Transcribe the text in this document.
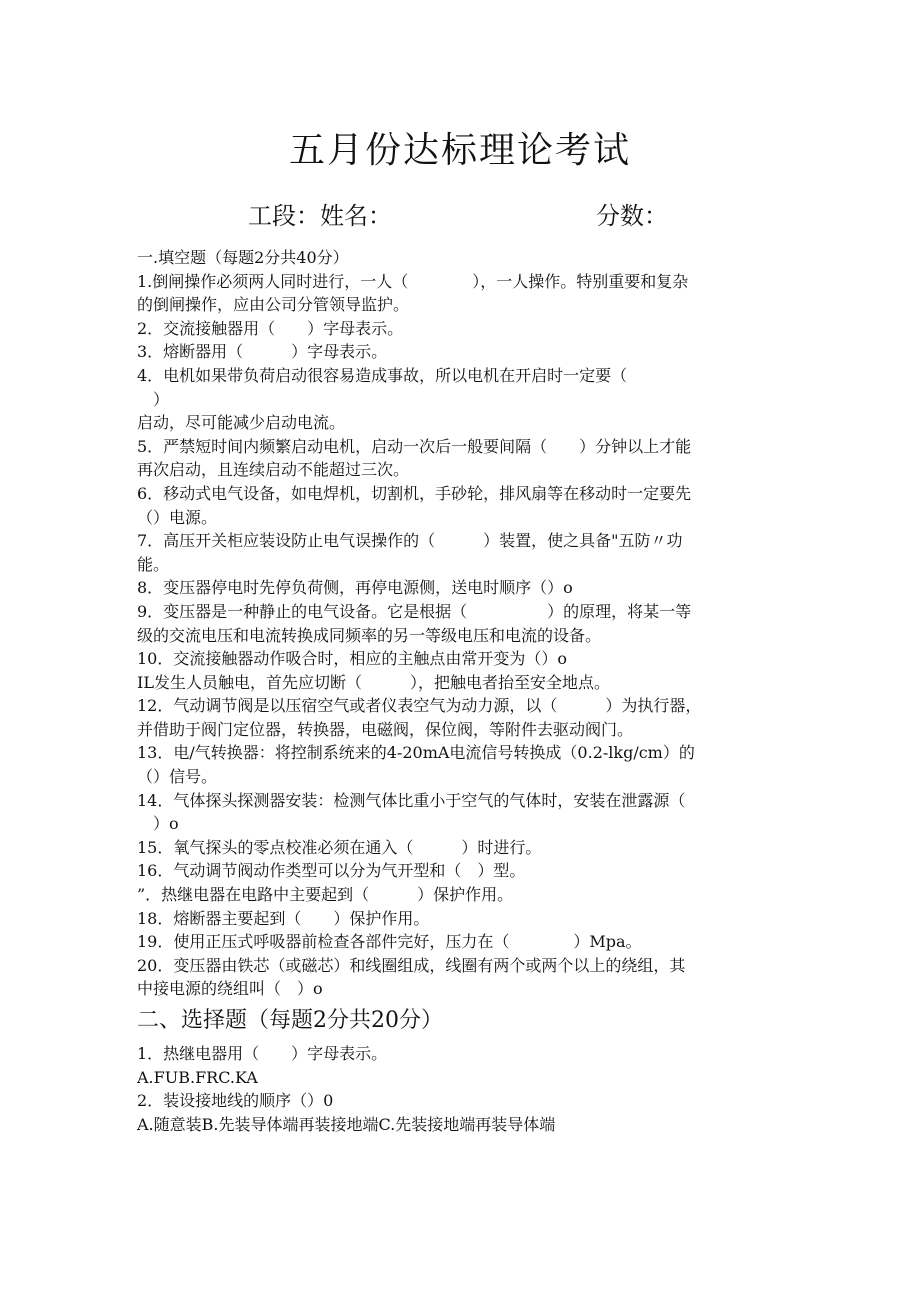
五月份达标理论考试
工段：姓名：	分数：
一.填空题（每题2分共40分）
1.倒闸操作必须两人同时进行，一人（　　　　），一人操作。特别重要和复杂
的倒闸操作，应由公司分管领导监护。
2．交流接触器用（　　）字母表示。
3．熔断器用（　　　）字母表示。
4．电机如果带负荷启动很容易造成事故，所以电机在开启时一定要（
　）
启动，尽可能减少启动电流。
5．严禁短时间内频繁启动电机，启动一次后一般要间隔（　　）分钟以上才能
再次启动，且连续启动不能超过三次。
6．移动式电气设备，如电焊机，切割机，手砂轮，排风扇等在移动时一定要先
（）电源。
7．高压开关柜应装设防止电气误操作的（　　　）装置，使之具备"五防〃功
能。
8．变压器停电时先停负荷侧，再停电源侧，送电时顺序（）o
9．变压器是一种静止的电气设备。它是根据（　　　　　）的原理，将某一等
级的交流电压和电流转换成同频率的另一等级电压和电流的设备。
10．交流接触器动作吸合时，相应的主触点由常开变为（）o
IL发生人员触电，首先应切断（　　　），把触电者抬至安全地点。
12．气动调节阀是以压宿空气或者仪表空气为动力源，以（　　　）为执行器，
并借助于阀门定位器，转换器，电磁阀，保位阀，等附件去驱动阀门。
13．电/气转换器：将控制系统来的4-20mA电流信号转换成（0.2-lkg/cm）的
（）信号。
14．气体探头探测器安装：检测气体比重小于空气的气体时，安装在泄露源（
　）o
15．氧气探头的零点校准必须在通入（　　　）时进行。
16．气动调节阀动作类型可以分为气开型和（　）型。
”．热继电器在电路中主要起到（　　　）保护作用。
18．熔断器主要起到（　　）保护作用。
19．使用正压式呼吸器前检查各部件完好，压力在（　　　　）Mpa。
20．变压器由铁芯（或磁芯）和线圈组成，线圈有两个或两个以上的绕组，其
中接电源的绕组叫（　）o
二、选择题（每题2分共20分）
1．热继电器用（　　）字母表示。
A.FUB.FRC.KA
2．装设接地线的顺序（）0
A.随意装B.先装导体端再装接地端C.先装接地端再装导体端
